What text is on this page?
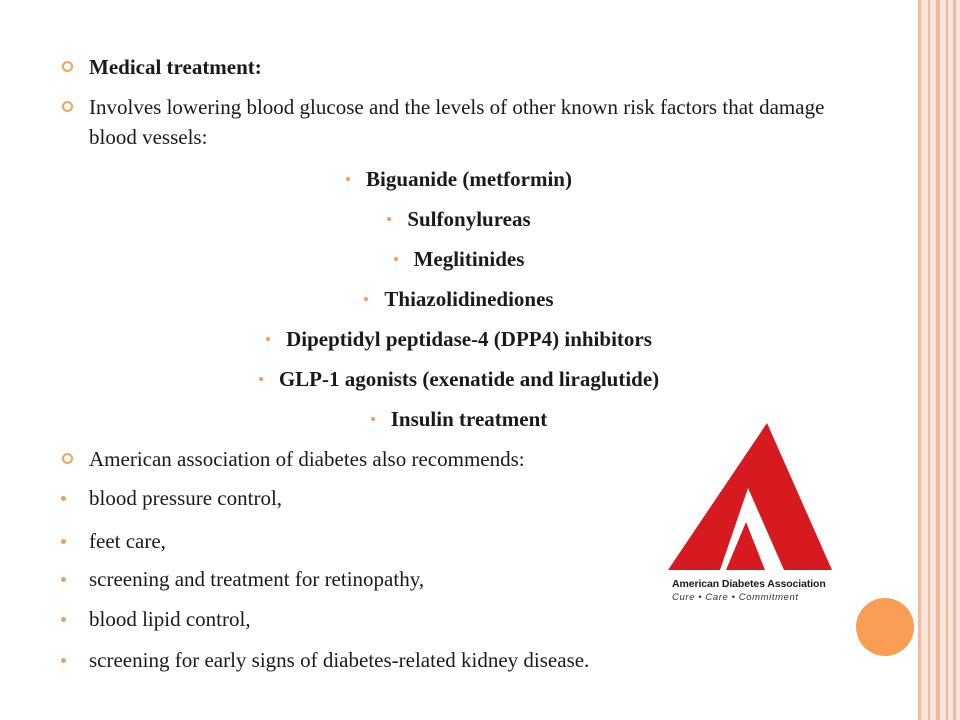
Medical treatment:
Involves lowering blood glucose and the levels of other known risk factors that damage blood vessels:
Biguanide (metformin)
Sulfonylureas
Meglitinides
Thiazolidinediones
Dipeptidyl peptidase-4 (DPP4) inhibitors
GLP-1 agonists (exenatide and liraglutide)
Insulin treatment
American association of diabetes also recommends:
blood pressure control,
feet care,
screening and treatment for retinopathy,
blood lipid control,
screening for early signs of diabetes-related kidney disease.
American Diabetes Association
Cure • Care • Commitment
